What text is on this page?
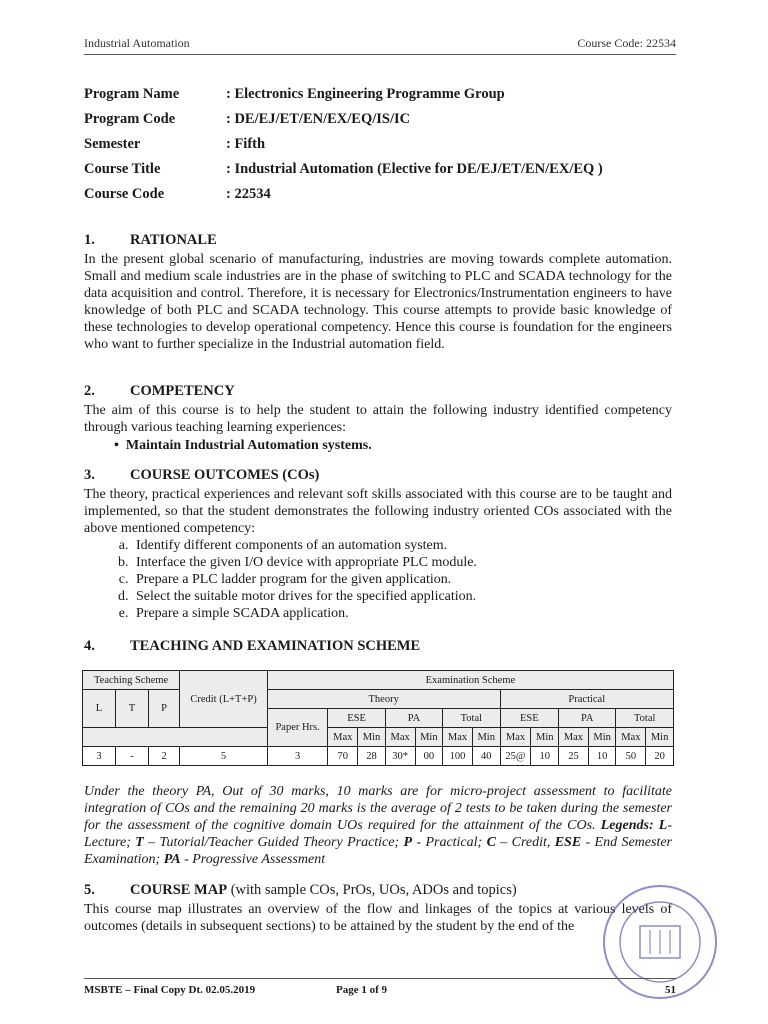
Industrial Automation	Course Code: 22534
Program Name	: Electronics Engineering Programme Group
Program Code	: DE/EJ/ET/EN/EX/EQ/IS/IC
Semester	: Fifth
Course Title	: Industrial Automation (Elective for DE/EJ/ET/EN/EX/EQ )
Course Code	: 22534
1. RATIONALE

In the present global scenario of manufacturing, industries are moving towards complete automation. Small and medium scale industries are in the phase of switching to PLC and SCADA technology for the data acquisition and control. Therefore, it is necessary for Electronics/Instrumentation engineers to have knowledge of both PLC and SCADA technology. This course attempts to provide basic knowledge of these technologies to develop operational competency. Hence this course is foundation for the engineers who want to further specialize in the Industrial automation field.

2. COMPETENCY

The aim of this course is to help the student to attain the following industry identified competency through various teaching learning experiences:

•  Maintain Industrial Automation systems.
3. COURSE OUTCOMES (COs)

The theory, practical experiences and relevant soft skills associated with this course are to be taught and implemented, so that the student demonstrates the following industry oriented COs associated with the above mentioned competency:

a. Identify different components of an automation system.
b. Interface the given I/O device with appropriate PLC module.
c. Prepare a PLC ladder program for the given application.
d. Select the suitable motor drives for the specified application.
e. Prepare a simple SCADA application.
4. TEACHING AND EXAMINATION SCHEME
Teaching Scheme			Credit (L+T+P)	Examination Scheme												
L	T	P		Theory							Practical					
				Paper Hrs.	ESE		PA		Total		ESE		PA		Total	
					Max	Min	Max	Min	Max	Min	Max	Min	Max	Min	Max	Min
3	-	2	5	3	70	28	30*	00	100	40	25@	10	25	10	50	20
Under the theory PA, Out of 30 marks, 10 marks are for micro-project assessment to facilitate integration of COs and the remaining 20 marks is the average of 2 tests to be taken during the semester for the assessment of the cognitive domain UOs required for the attainment of the COs. Legends: L-Lecture; T – Tutorial/Teacher Guided Theory Practice; P - Practical; C – Credit, ESE - End Semester Examination; PA - Progressive Assessment
5. COURSE MAP (with sample COs, PrOs, UOs, ADOs and topics)

This course map illustrates an overview of the flow and linkages of the topics at various levels of outcomes (details in subsequent sections) to be attained by the student by the end of the

MSBTE – Final Copy Dt. 02.05.2019	Page 1 of 9	51
